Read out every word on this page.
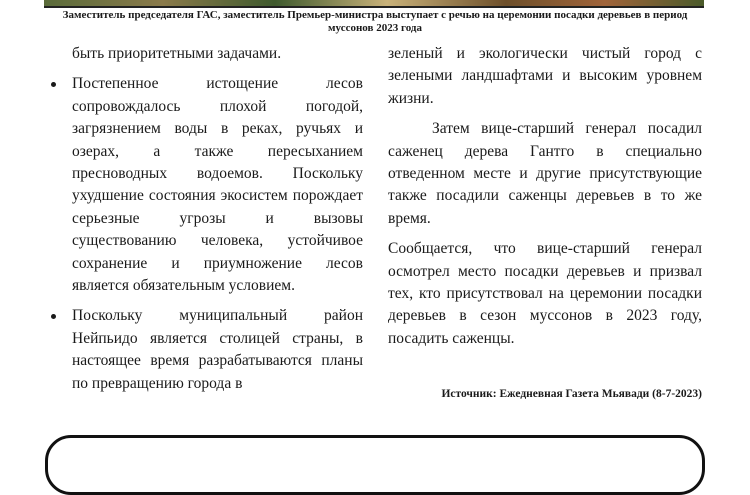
Заместитель председателя ГАС, заместитель Премьер-министра выступает с речью на церемонии посадки деревьев в период муссонов 2023 года

быть приоритетными задачами.

Постепенное истощение лесов сопровождалось плохой погодой, загрязнением воды в реках, ручьях и озерах, а также пересыханием пресноводных водоемов. Поскольку ухудшение состояния экосистем порождает серьезные угрозы и вызовы существованию человека, устойчивое сохранение и приумножение лесов является обязательным условием.

Поскольку муниципальный район Нейпьидо является столицей страны, в настоящее время разрабатываются планы по превращению города в

зеленый и экологически чистый город с зелеными ландшафтами и высоким уровнем жизни.

Затем вице-старший генерал посадил саженец дерева Гантго в специально отведенном месте и другие присутствующие также посадили саженцы деревьев в то же время.

Сообщается, что вице-старший генерал осмотрел место посадки деревьев и призвал тех, кто присутствовал на церемонии посадки деревьев в сезон муссонов в 2023 году, посадить саженцы.

Источник: Ежедневная Газета Мьявади (8-7-2023)
